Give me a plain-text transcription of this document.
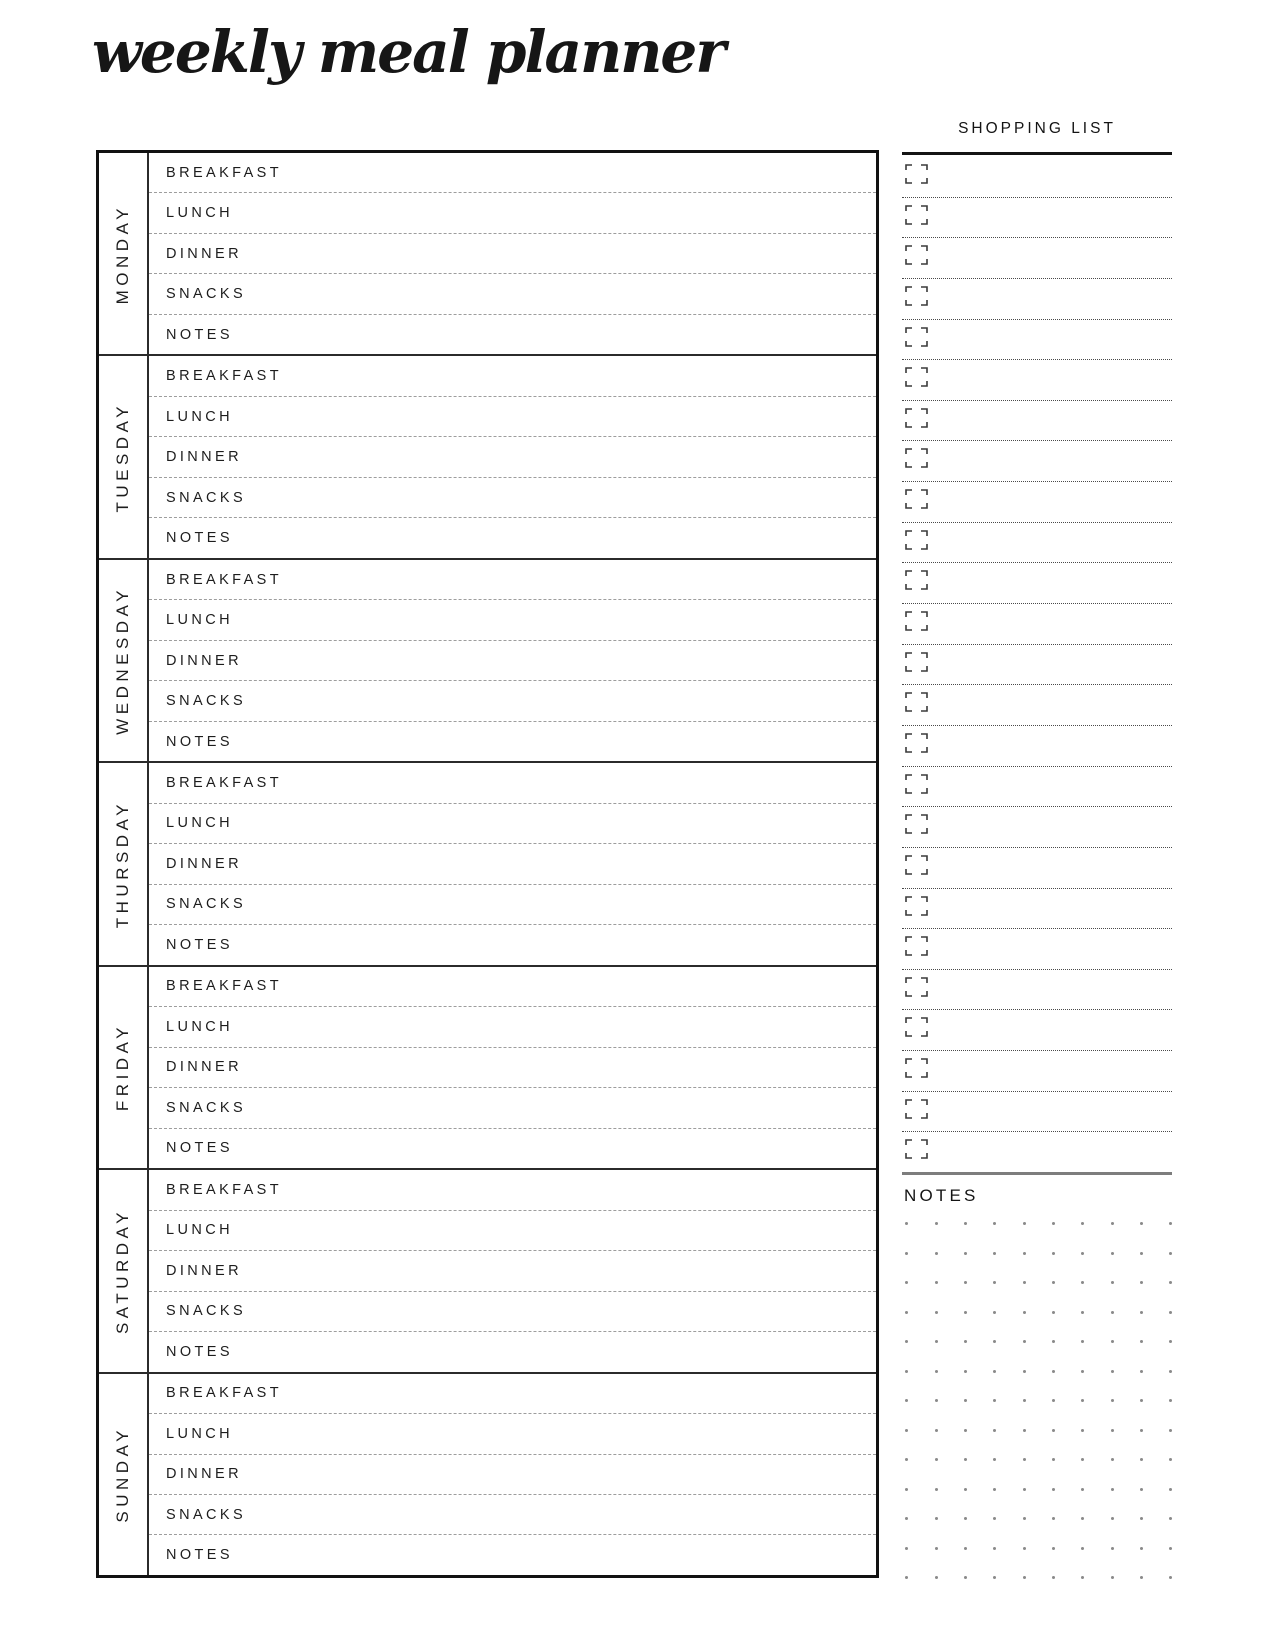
weekly meal planner
MONDAY
BREAKFAST
LUNCH
DINNER
SNACKS
NOTES
TUESDAY
BREAKFAST
LUNCH
DINNER
SNACKS
NOTES
WEDNESDAY
BREAKFAST
LUNCH
DINNER
SNACKS
NOTES
THURSDAY
BREAKFAST
LUNCH
DINNER
SNACKS
NOTES
FRIDAY
BREAKFAST
LUNCH
DINNER
SNACKS
NOTES
SATURDAY
BREAKFAST
LUNCH
DINNER
SNACKS
NOTES
SUNDAY
BREAKFAST
LUNCH
DINNER
SNACKS
NOTES
SHOPPING LIST
NOTES
